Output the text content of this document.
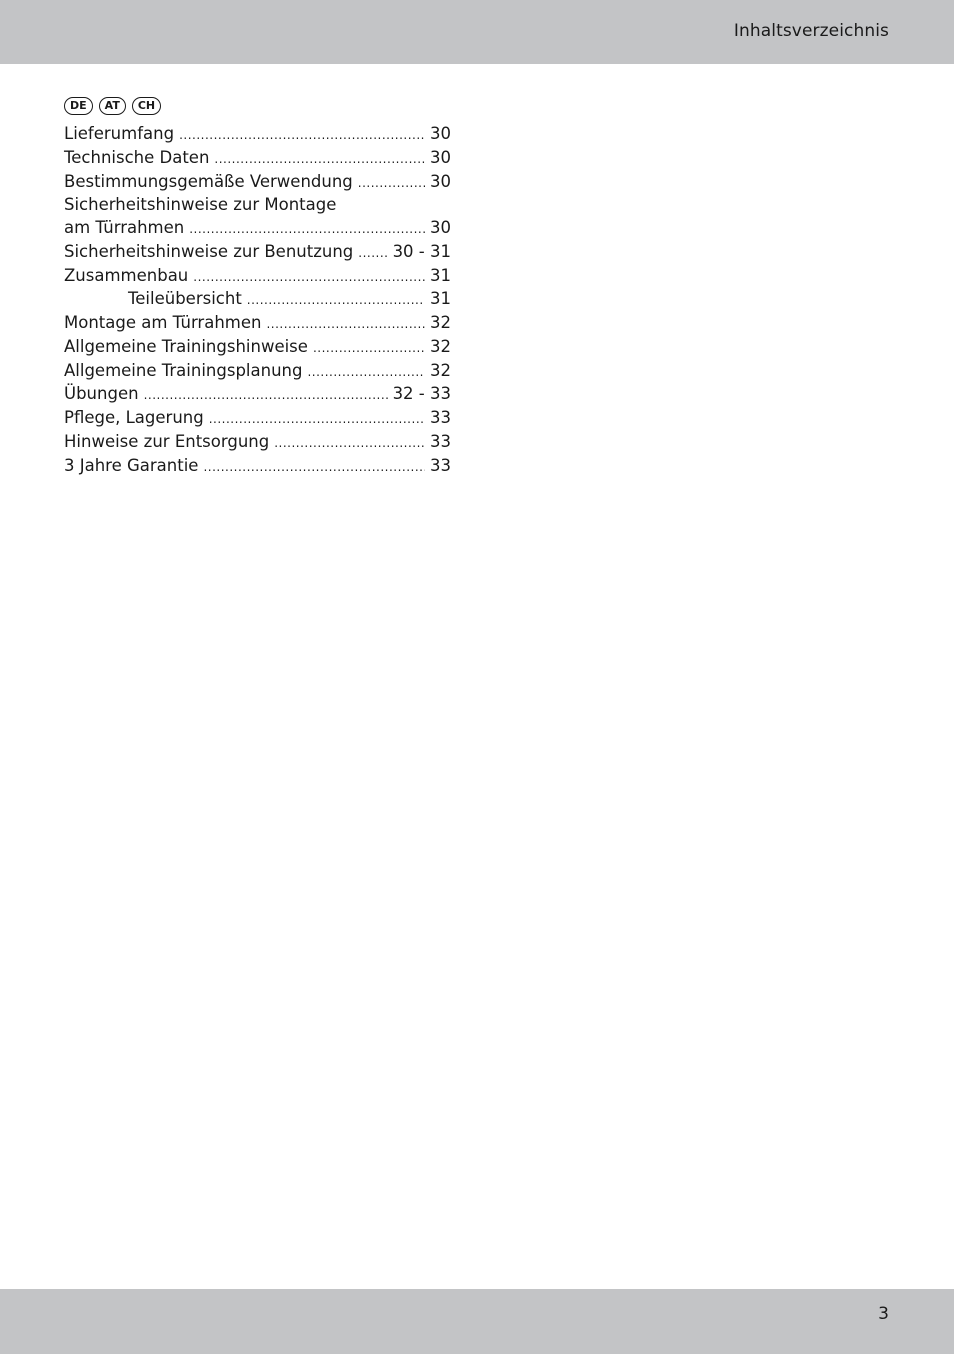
Inhaltsverzeichnis
DE	AT	CH
Lieferumfang .....	30
Technische Daten .....	30
Bestimmungsgemäße Verwendung .....	30
Sicherheitshinweise zur Montage
am Türrahmen .....	30
Sicherheitshinweise zur Benutzung ..... 30 - 31
Zusammenbau .....	31
Teileübersicht .....	31
Montage am Türrahmen .....	32
Allgemeine Trainingshinweise .....	32
Allgemeine Trainingsplanung .....	32
Übungen .....	32 - 33
Pflege, Lagerung .....	33
Hinweise zur Entsorgung .....	33
3 Jahre Garantie .....	33
3
